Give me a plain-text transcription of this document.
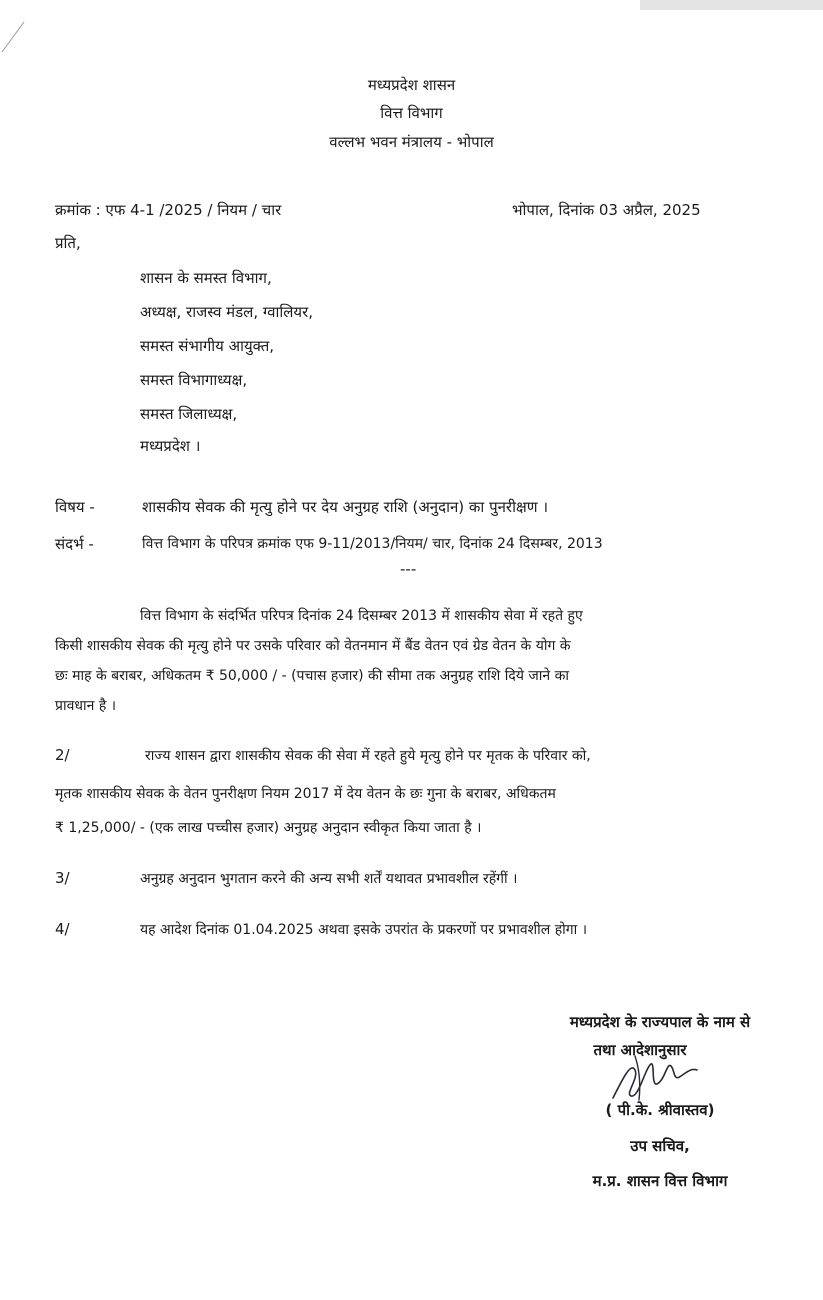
मध्यप्रदेश शासन
वित्त विभाग
वल्लभ भवन मंत्रालय - भोपाल
क्रमांक : एफ 4-1 /2025 / नियम / चार	भोपाल, दिनांक 03 अप्रैल, 2025
प्रति,
शासन के समस्त विभाग,
अध्यक्ष, राजस्व मंडल, ग्वालियर,
समस्त संभागीय आयुक्त,
समस्त विभागाध्यक्ष,
समस्त जिलाध्यक्ष,
मध्यप्रदेश ।
विषय -	शासकीय सेवक की मृत्यु होने पर देय अनुग्रह राशि (अनुदान) का पुनरीक्षण ।
संदर्भ -	वित्त विभाग के परिपत्र क्रमांक एफ 9-11/2013/नियम/ चार, दिनांक 24 दिसम्बर, 2013
---
वित्त विभाग के संदर्भित परिपत्र दिनांक 24 दिसम्बर 2013 में शासकीय सेवा में रहते हुए
किसी शासकीय सेवक की मृत्यु होने पर उसके परिवार को वेतनमान में बैंड वेतन एवं ग्रेड वेतन के योग के
छः माह के बराबर, अधिकतम ₹ 50,000 / - (पचास हजार) की सीमा तक अनुग्रह राशि दिये जाने का
प्रावधान है ।
2/	राज्य शासन द्वारा शासकीय सेवक की सेवा में रहते हुये मृत्यु होने पर मृतक के परिवार को,
मृतक शासकीय सेवक के वेतन पुनरीक्षण नियम 2017 में देय वेतन के छः गुना के बराबर, अधिकतम
₹ 1,25,000/ - (एक लाख पच्चीस हजार) अनुग्रह अनुदान स्वीकृत किया जाता है ।
3/	अनुग्रह अनुदान भुगतान करने की अन्य सभी शर्तें यथावत प्रभावशील रहेंगीं ।
4/	यह आदेश दिनांक 01.04.2025 अथवा इसके उपरांत के प्रकरणों पर प्रभावशील होगा ।
मध्यप्रदेश के राज्यपाल के नाम से
तथा आदेशानुसार
( पी.के. श्रीवास्तव)
उप सचिव,
म.प्र. शासन वित्त विभाग
